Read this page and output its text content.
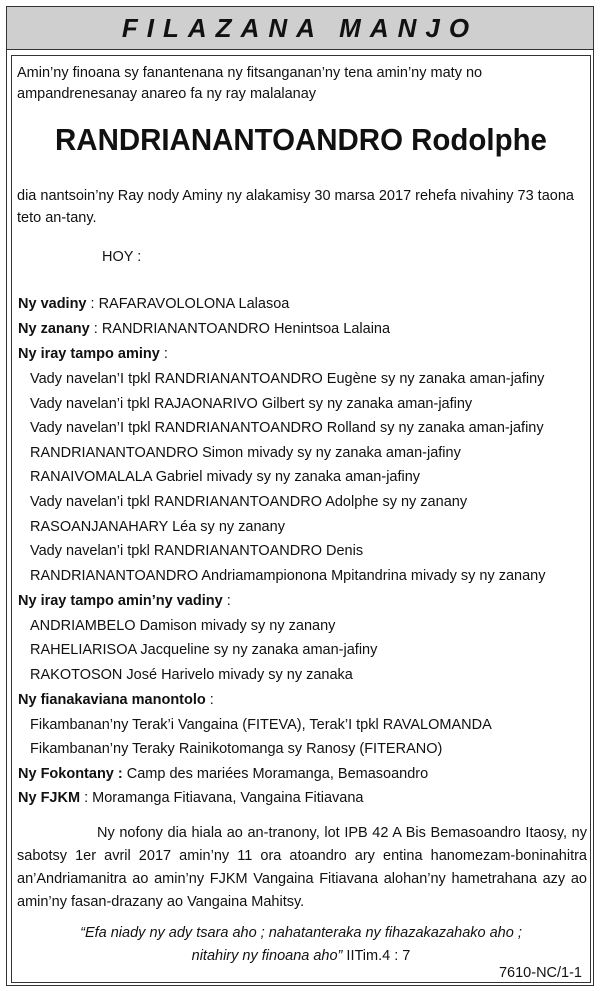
FILAZANA MANJO
Amin’ny finoana sy fanantenana ny fitsanganan’ny tena amin’ny maty no ampandrenesanay anareo fa ny ray malalanay
RANDRIANANTOANDRO Rodolphe
dia nantsoin’ny Ray nody Aminy ny alakamisy 30 marsa 2017 rehefa nivahiny 73 taona teto an-tany.
HOY :
Ny vadiny : RAFARAVOLOLONA Lalasoa
Ny zanany : RANDRIANANTOANDRO Henintsoa Lalaina
Ny iray tampo aminy :
Vady navelan’I tpkl RANDRIANANTOANDRO Eugène sy ny zanaka aman-jafiny
Vady navelan’i tpkl RAJAONARIVO Gilbert sy ny zanaka aman-jafiny
Vady navelan’I tpkl RANDRIANANTOANDRO Rolland sy ny zanaka aman-jafiny
RANDRIANANTOANDRO Simon mivady sy ny zanaka aman-jafiny
RANAIVOMALALA Gabriel mivady sy ny zanaka aman-jafiny
Vady navelan’i tpkl RANDRIANANTOANDRO Adolphe sy ny zanany
RASOANJANAHARY Léa sy ny zanany
Vady navelan’i tpkl RANDRIANANTOANDRO Denis
RANDRIANANTOANDRO Andriamampionona Mpitandrina mivady sy ny zanany
Ny iray tampo amin’ny vadiny :
ANDRIAMBELO Damison mivady sy ny zanany
RAHELIARISOA Jacqueline sy ny zanaka aman-jafiny
RAKOTOSON José Harivelo mivady sy ny zanaka
Ny fianakaviana manontolo :
Fikambanan’ny Terak’i Vangaina (FITEVA), Terak’I tpkl RAVALOMANDA
Fikambanan’ny Teraky Rainikotomanga sy Ranosy (FITERANO)
Ny Fokontany : Camp des mariées Moramanga, Bemasoandro
Ny FJKM : Moramanga Fitiavana, Vangaina Fitiavana
Ny nofony dia hiala ao an-tranony, lot IPB 42 A Bis Bemasoandro Itaosy, ny sabotsy 1er avril 2017 amin’ny 11 ora atoandro ary entina hanomezam-boninahitra an’Andriamanitra ao amin’ny FJKM Vangaina Fitiavana alohan’ny hametrahana azy ao amin’ny fasan-drazany ao Vangaina Mahitsy.
“Efa niady ny ady tsara aho ; nahatanteraka ny fihazakazahako aho ;
nitahiry ny finoana aho” IITim.4 : 7
7610-NC/1-1
